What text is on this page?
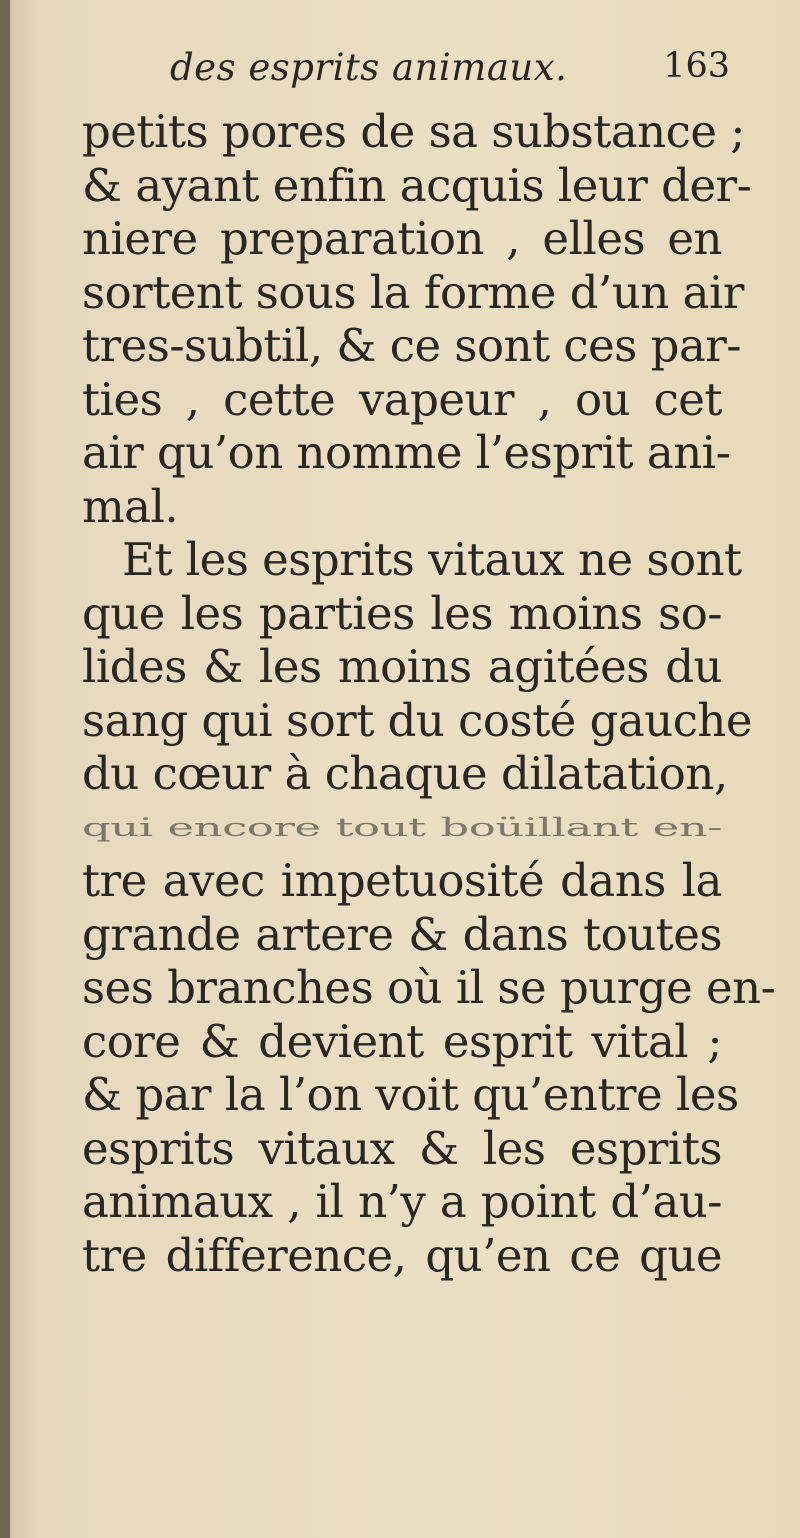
des esprits animaux.	163
petits pores de sa substance ;
& ayant enfin acquis leur der-
niere preparation , elles en
sortent sous la forme d’un air
tres-subtil, & ce sont ces par-
ties , cette vapeur , ou cet
air qu’on nomme l’esprit ani-
mal.
Et les esprits vitaux ne sont
que les parties les moins so-
lides & les moins agitées du
sang qui sort du costé gauche
du cœur à chaque dilatation,
qui encore tout boüillant en-
tre avec impetuosité dans la
grande artere & dans toutes
ses branches où il se purge en-
core & devient esprit vital ;
& par la l’on voit qu’entre les
esprits vitaux & les esprits
animaux , il n’y a point d’au-
tre difference, qu’en ce que
